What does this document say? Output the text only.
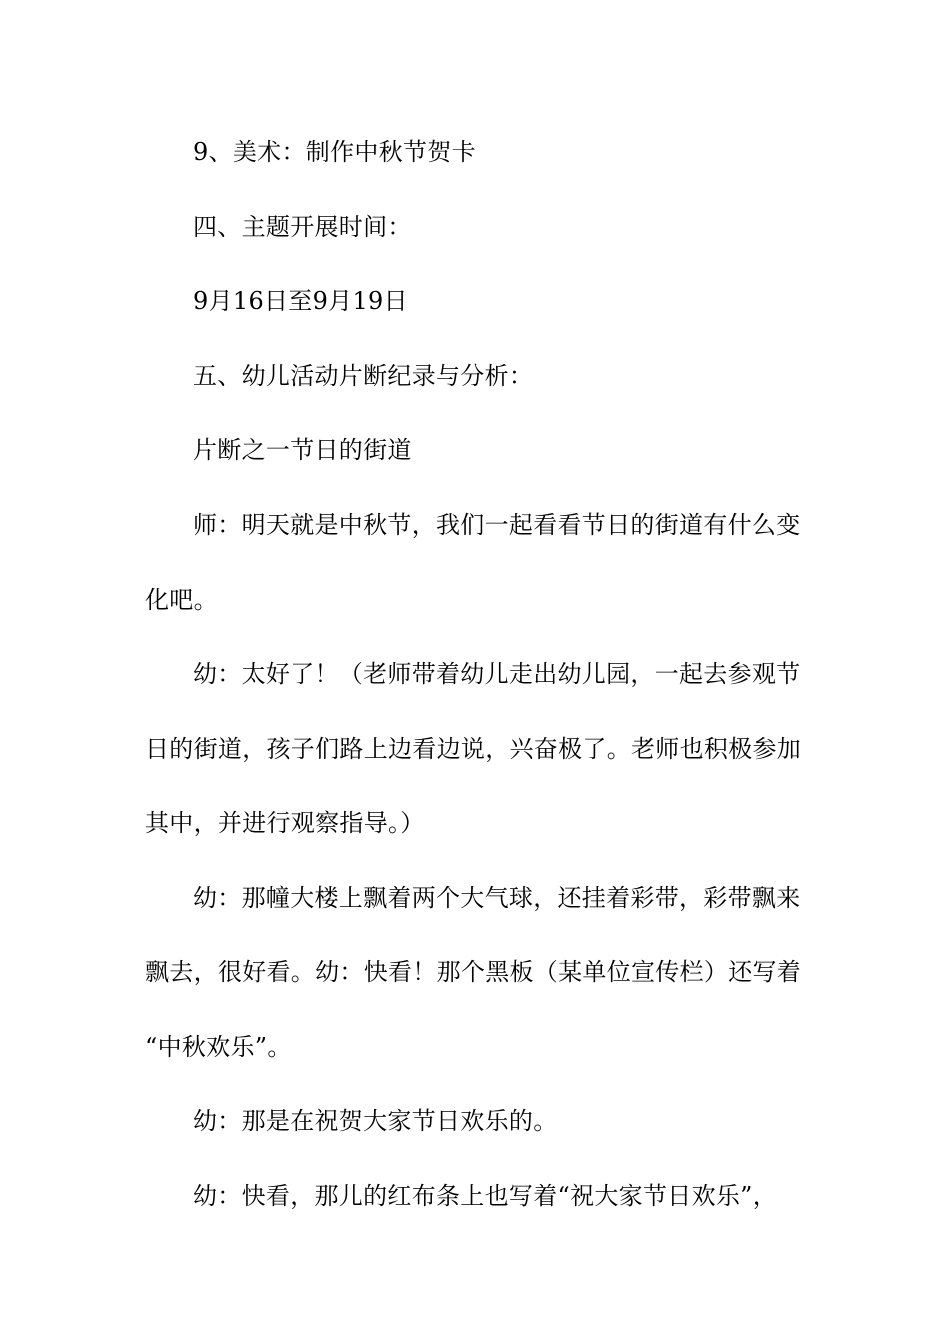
9、美术：制作中秋节贺卡
四、主题开展时间：
9月16日至9月19日
五、幼儿活动片断纪录与分析：
片断之一节日的街道
师：明天就是中秋节，我们一起看看节日的街道有什么变
化吧。
幼：太好了！（老师带着幼儿走出幼儿园，一起去参观节
日的街道，孩子们路上边看边说，兴奋极了。老师也积极参加
其中，并进行观察指导。）
幼：那幢大楼上飘着两个大气球，还挂着彩带，彩带飘来
飘去，很好看。幼：快看！那个黑板（某单位宣传栏）还写着
“中秋欢乐”。
幼：那是在祝贺大家节日欢乐的。
幼：快看，那儿的红布条上也写着“祝大家节日欢乐”，
